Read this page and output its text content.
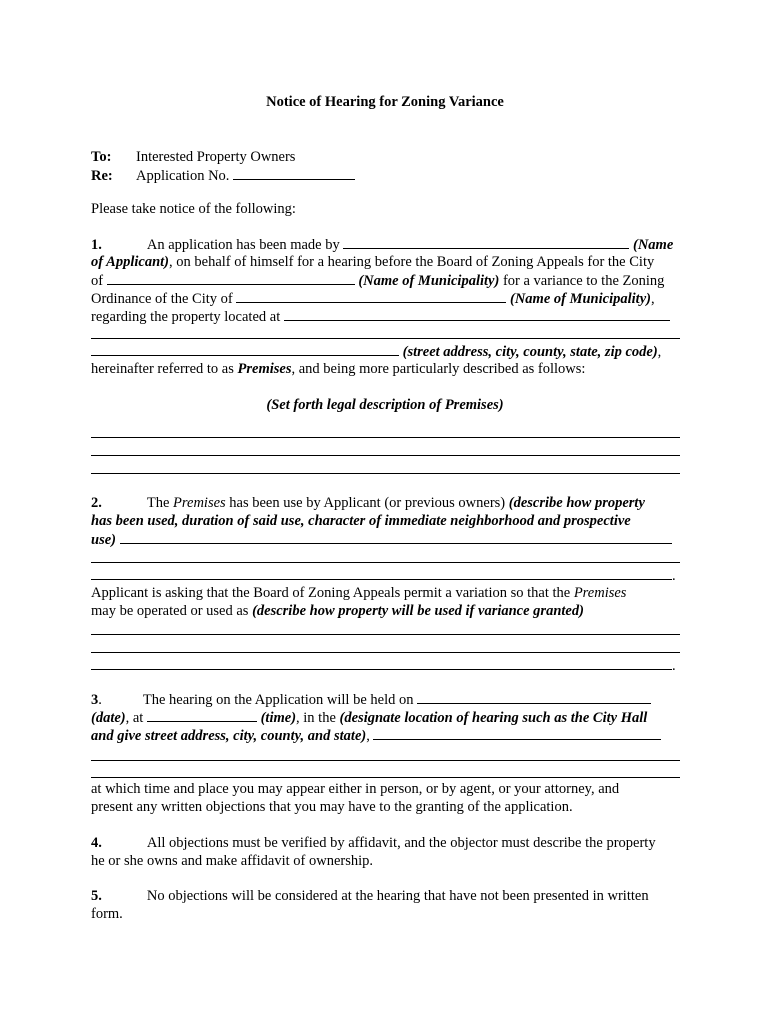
Notice of Hearing for Zoning Variance
To: Interested Property Owners
Re: Application No.
Please take notice of the following:
1.	An application has been made by	(Name
of Applicant), on behalf of himself for a hearing before the Board of Zoning Appeals for the City
of	(Name of Municipality) for a variance to the Zoning
Ordinance of the City of	(Name of Municipality),
regarding the property located at
(street address, city, county, state, zip code),
hereinafter referred to as Premises, and being more particularly described as follows:
(Set forth legal description of Premises)
2.	The Premises has been use by Applicant (or previous owners) (describe how property
has been used, duration of said use, character of immediate neighborhood and prospective
use)
.
Applicant is asking that the Board of Zoning Appeals permit a variation so that the Premises
may be operated or used as (describe how property will be used if variance granted)
.
3.	The hearing on the Application will be held on
(date), at	(time), in the (designate location of hearing such as the City Hall
and give street address, city, county, and state),
at which time and place you may appear either in person, or by agent, or your attorney, and
present any written objections that you may have to the granting of the application.
4.	All objections must be verified by affidavit, and the objector must describe the property
he or she owns and make affidavit of ownership.
5.	No objections will be considered at the hearing that have not been presented in written
form.
